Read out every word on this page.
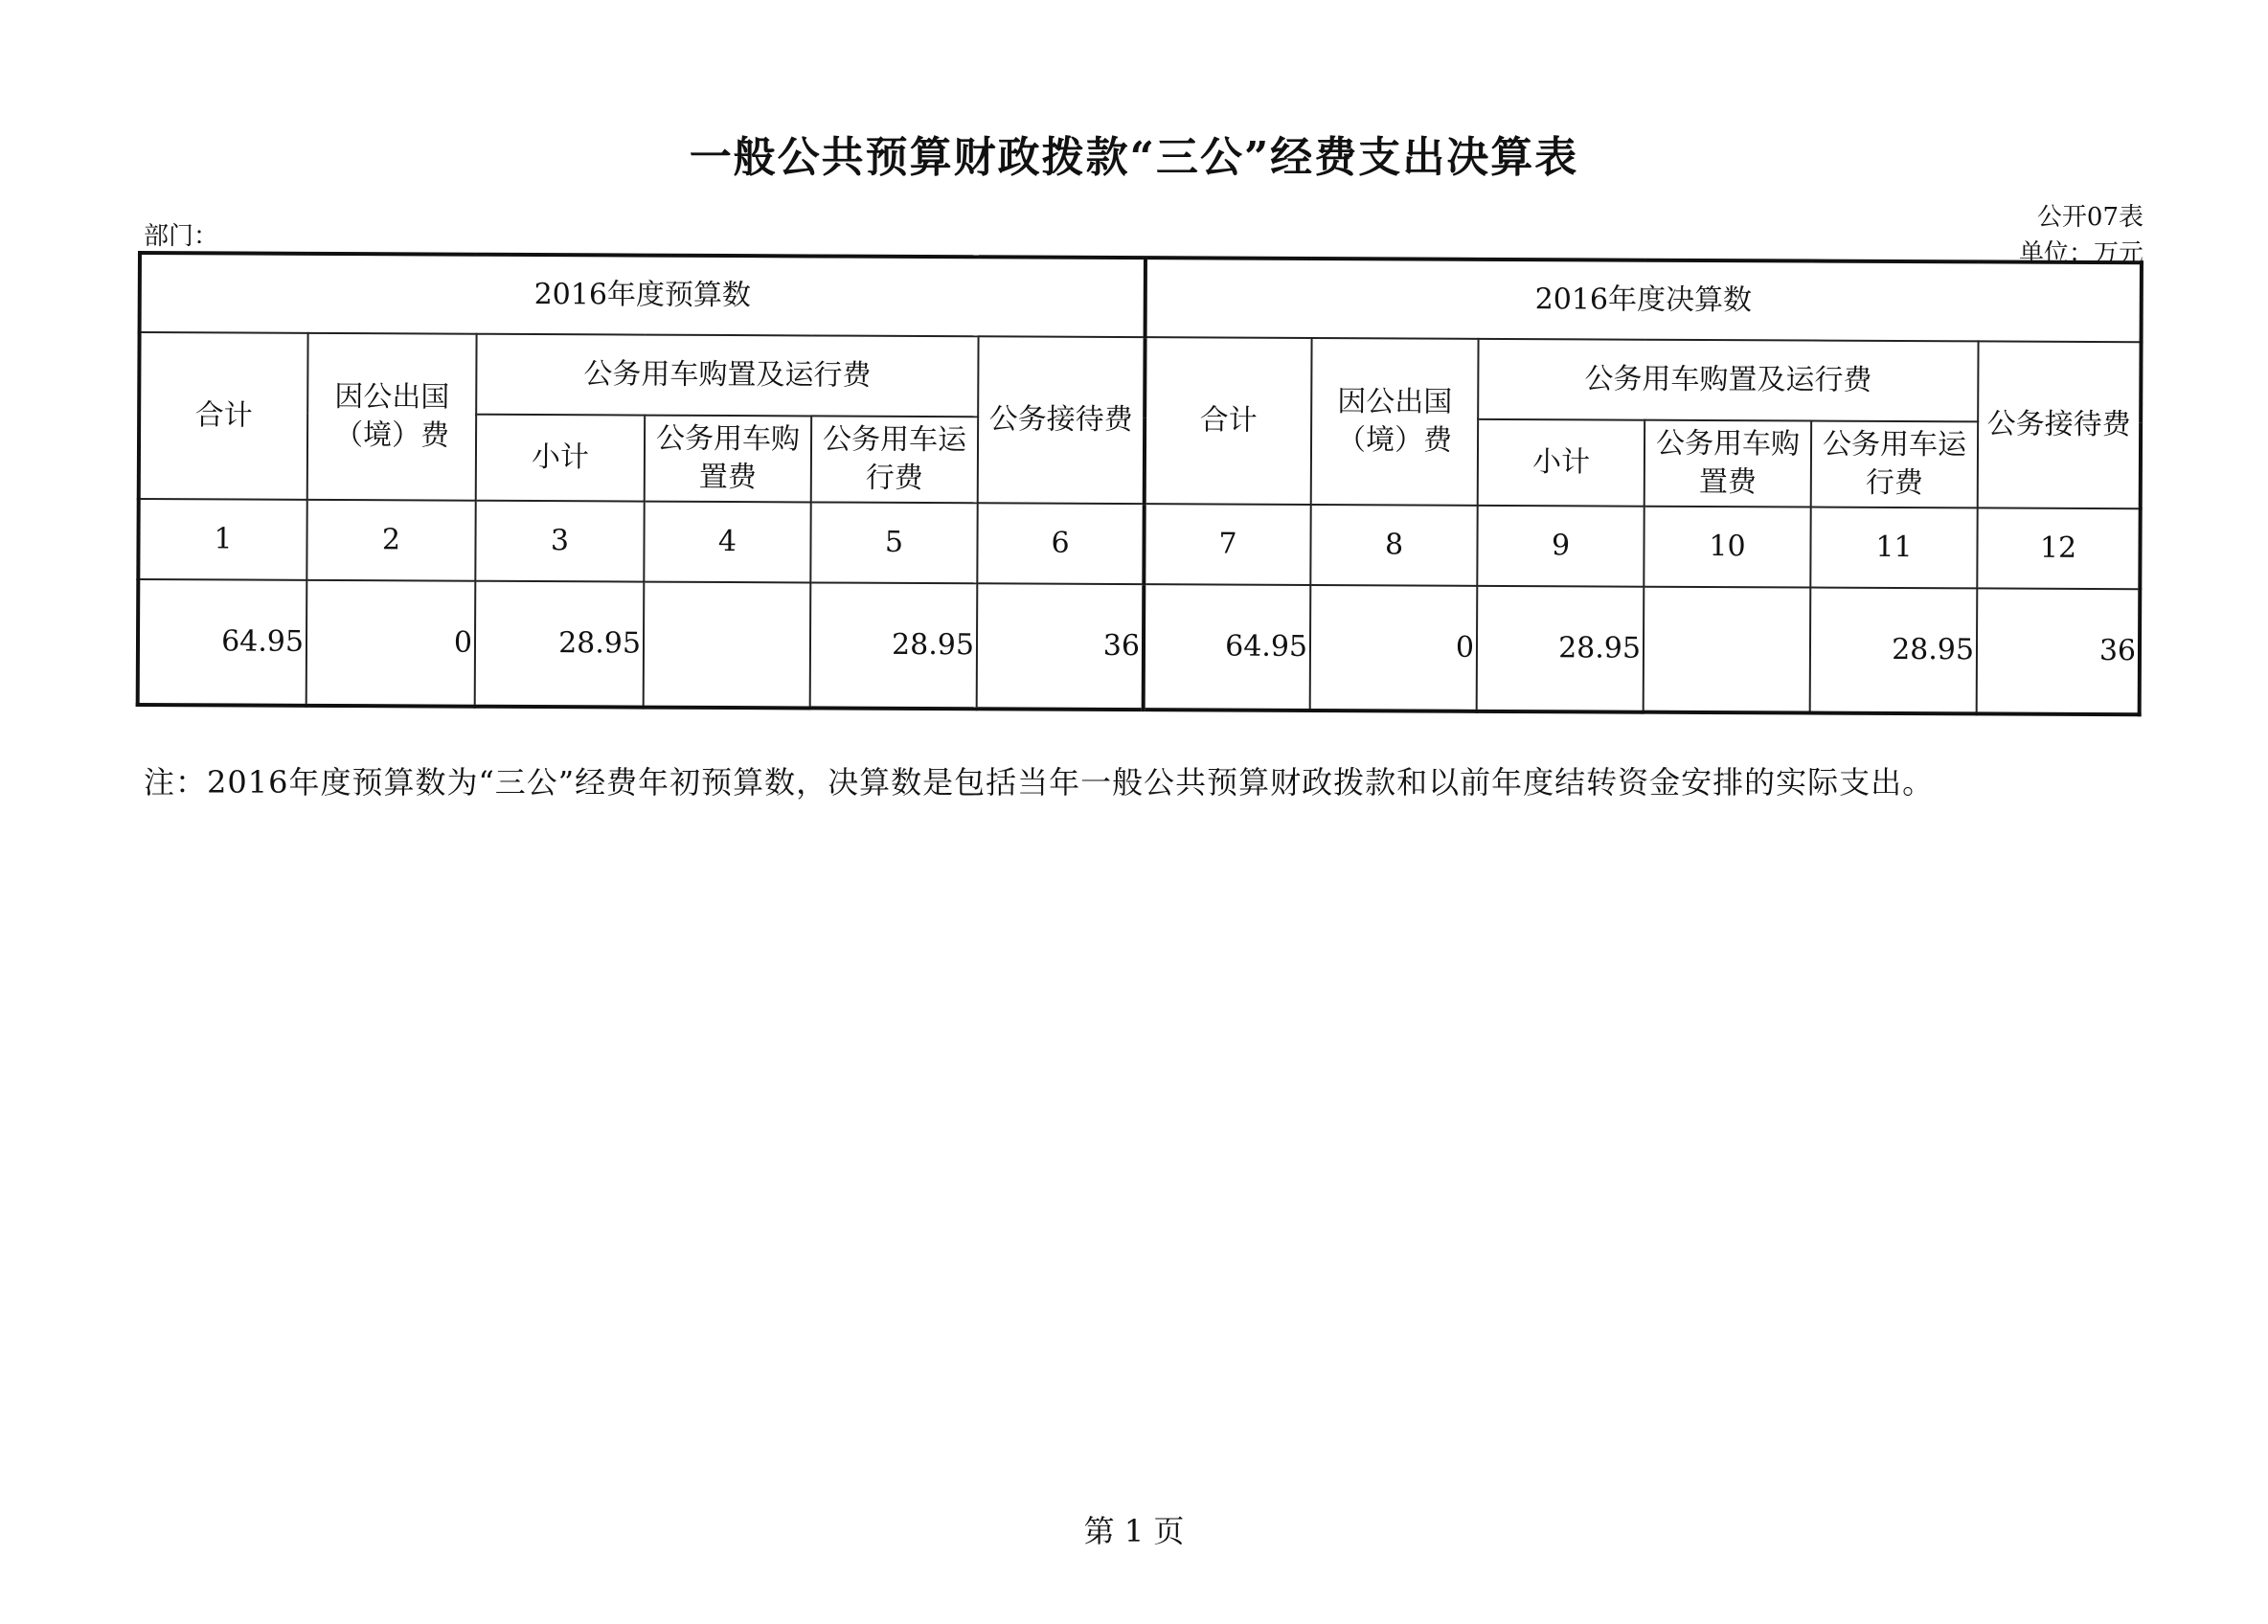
一般公共预算财政拨款“三公”经费支出决算表
部门：
公开07表
单位：万元
2016年度预算数						2016年度决算数					
合计	因公出国（境）费	公务用车购置及运行费			公务接待费	合计	因公出国（境）费	公务用车购置及运行费			公务接待费
		小计	公务用车购置费	公务用车运行费				小计	公务用车购置费	公务用车运行费	
1	2	3	4	5	6	7	8	9	10	11	12
64.95	0	28.95		28.95	36	64.95	0	28.95		28.95	36
注：2016年度预算数为“三公”经费年初预算数，决算数是包括当年一般公共预算财政拨款和以前年度结转资金安排的实际支出。
第 1 页
